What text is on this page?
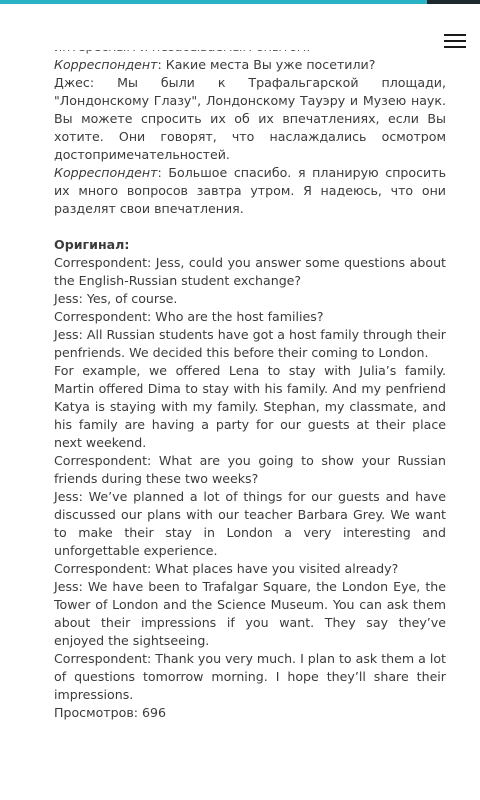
Корреспондент: Какие места Вы уже посетили?

Джес: Мы были к Трафальгарской площади, "Лондонскому Глазу", Лондонскому Тауэру и Музею наук. Вы можете спросить их об их впечатлениях, если Вы хотите. Они говорят, что наслаждались осмотром достопримечательностей.

Корреспондент: Большое спасибо. я планирую спросить их много вопросов завтра утром. Я надеюсь, что они разделят свои впечатления.

Оригинал:

Correspondent: Jess, could you answer some questions about the English-Russian student exchange?

Jess: Yes, of course.

Correspondent: Who are the host families?

Jess: All Russian students have got a host family through their penfriends. We decided this before their coming to London.

For example, we offered Lena to stay with Julia’s family. Martin offered Dima to stay with his family. And my penfriend Katya is staying with my family. Stephan, my classmate, and his family are having a party for our guests at their place next weekend.

Correspondent: What are you going to show your Russian friends during these two weeks?

Jess: We’ve planned a lot of things for our guests and have discussed our plans with our teacher Barbara Grey. We want to make their stay in London a very interesting and unforgettable experience.

Correspondent: What places have you visited already?

Jess: We have been to Trafalgar Square, the London Eye, the Tower of London and the Science Museum. You can ask them about their impressions if you want. They say they’ve enjoyed the sightseeing.

Correspondent: Thank you very much. I plan to ask them a lot of questions tomorrow morning. I hope they’ll share their impressions.

Просмотров: 696
